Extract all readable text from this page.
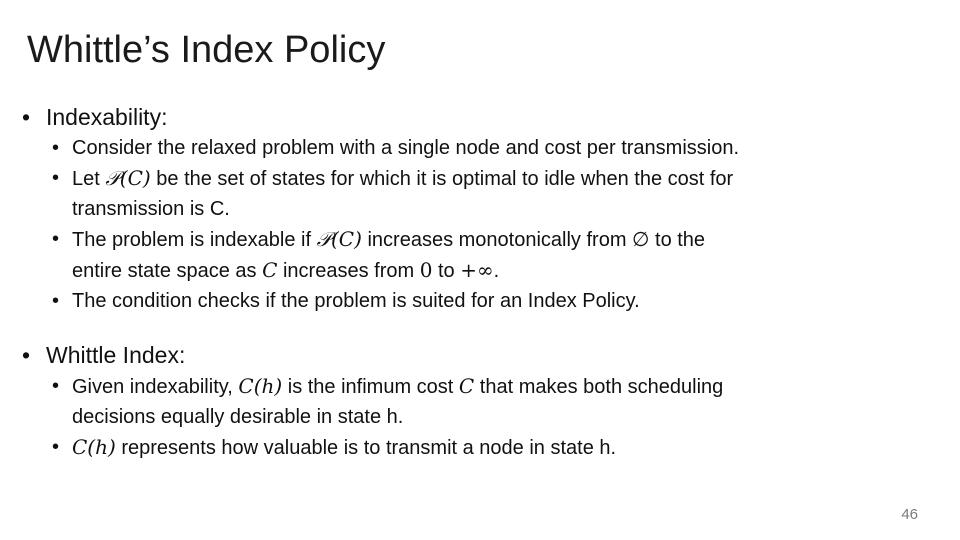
Whittle’s Index Policy
• Indexability:
• Consider the relaxed problem with a single node and cost per transmission.
• Let 𝒫(C) be the set of states for which it is optimal to idle when the cost for
transmission is C.
• The problem is indexable if 𝒫(C) increases monotonically from ∅ to the
entire state space as C increases from 0 to +∞.
• The condition checks if the problem is suited for an Index Policy.
• Whittle Index:
• Given indexability, C(h) is the infimum cost C that makes both scheduling
decisions equally desirable in state h.
• C(h) represents how valuable is to transmit a node in state h.
46
